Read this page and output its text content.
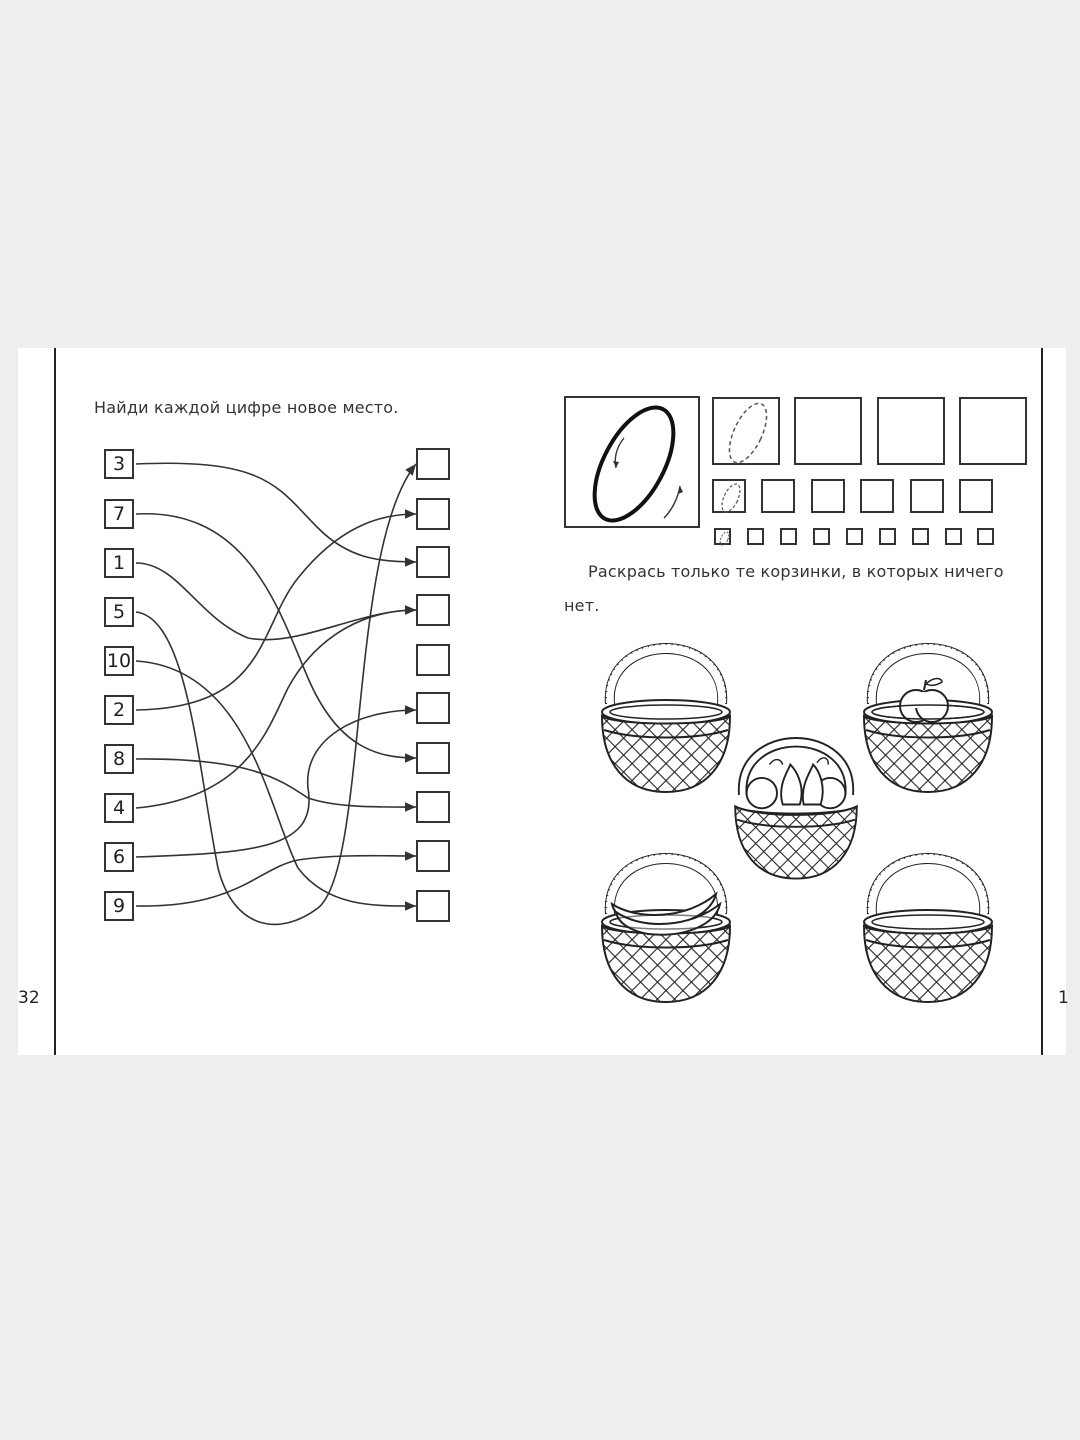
32	1
Найди каждой цифре новое место.
3
7
1
5
10
2
8
4
6
9
Раскрась только те корзинки, в которых ничего
нет.
